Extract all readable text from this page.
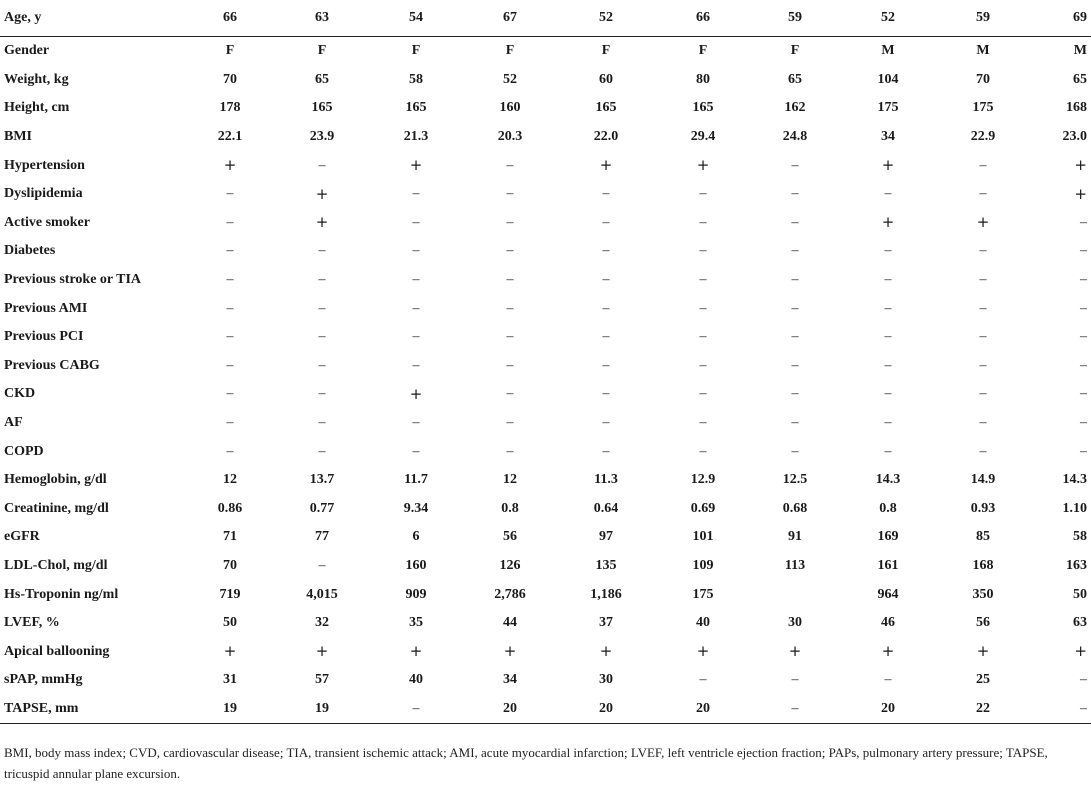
Age, y	66	63	54	67	52	66	59	52	59	69
Gender	F	F	F	F	F	F	F	M	M	M
Weight, kg	70	65	58	52	60	80	65	104	70	65
Height, cm	178	165	165	160	165	165	162	175	175	168
BMI	22.1	23.9	21.3	20.3	22.0	29.4	24.8	34	22.9	23.0
Hypertension	+	–	+	–	+	+	–	+	–	+
Dyslipidemia	–	+	–	–	–	–	–	–	–	+
Active smoker	–	+	–	–	–	–	–	+	+	–
Diabetes	–	–	–	–	–	–	–	–	–	–
Previous stroke or TIA	–	–	–	–	–	–	–	–	–	–
Previous AMI	–	–	–	–	–	–	–	–	–	–
Previous PCI	–	–	–	–	–	–	–	–	–	–
Previous CABG	–	–	–	–	–	–	–	–	–	–
CKD	–	–	+	–	–	–	–	–	–	–
AF	–	–	–	–	–	–	–	–	–	–
COPD	–	–	–	–	–	–	–	–	–	–
Hemoglobin, g/dl	12	13.7	11.7	12	11.3	12.9	12.5	14.3	14.9	14.3
Creatinine, mg/dl	0.86	0.77	9.34	0.8	0.64	0.69	0.68	0.8	0.93	1.10
eGFR	71	77	6	56	97	101	91	169	85	58
LDL-Chol, mg/dl	70	–	160	126	135	109	113	161	168	163
Hs-Troponin ng/ml	719	4,015	909	2,786	1,186	175		964	350	50
LVEF, %	50	32	35	44	37	40	30	46	56	63
Apical ballooning	+	+	+	+	+	+	+	+	+	+
sPAP, mmHg	31	57	40	34	30	–	–	–	25	–
TAPSE, mm	19	19	–	20	20	20	–	20	22	–
BMI, body mass index; CVD, cardiovascular disease; TIA, transient ischemic attack; AMI, acute myocardial infarction; LVEF, left ventricle ejection fraction; PAPs, pulmonary artery pressure; TAPSE, tricuspid annular plane excursion.
